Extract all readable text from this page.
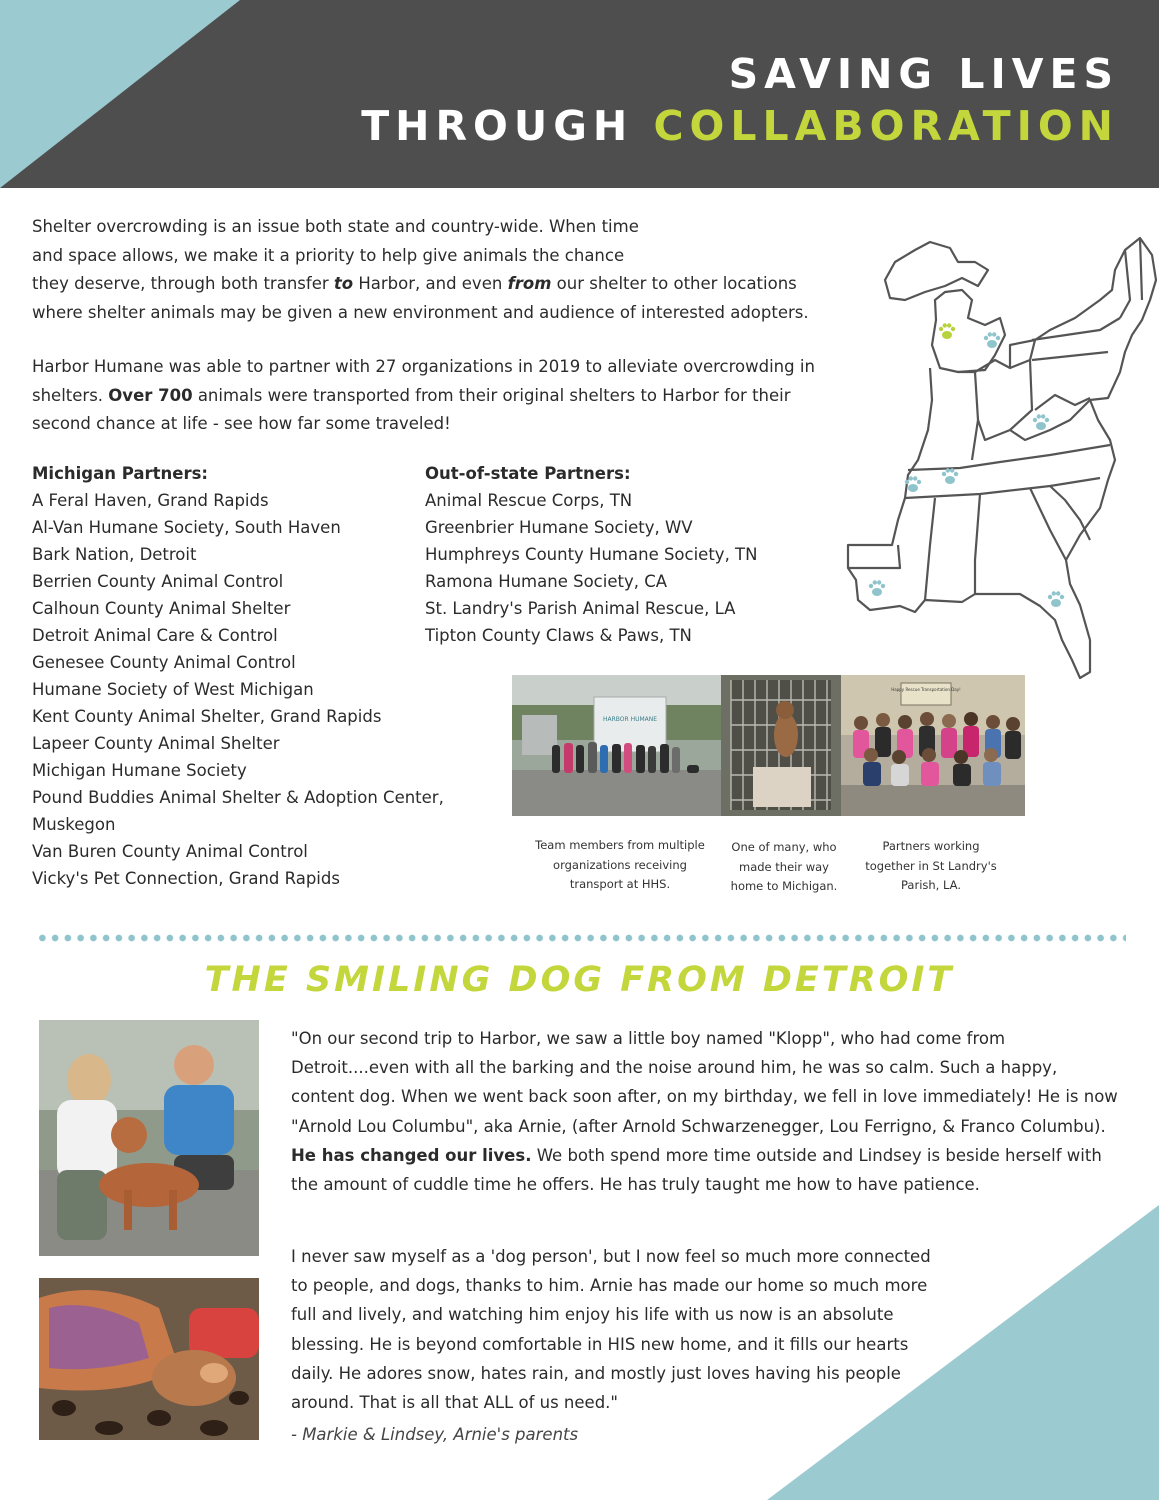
SAVING LIVES
THROUGH COLLABORATION
Shelter overcrowding is an issue both state and country-wide. When time
and space allows, we make it a priority to help give animals the chance
they deserve, through both transfer to Harbor, and even from our shelter to other locations
where shelter animals may be given a new environment and audience of interested adopters.
Harbor Humane was able to partner with 27 organizations in 2019 to alleviate overcrowding in
shelters. Over 700 animals were transported from their original shelters to Harbor for their
second chance at life - see how far some traveled!
Michigan Partners:
A Feral Haven, Grand Rapids
Al-Van Humane Society, South Haven
Bark Nation, Detroit
Berrien County Animal Control
Calhoun County Animal Shelter
Detroit Animal Care & Control
Genesee County Animal Control
Humane Society of West Michigan
Kent County Animal Shelter, Grand Rapids
Lapeer County Animal Shelter
Michigan Humane Society
Pound Buddies Animal Shelter & Adoption Center, Muskegon
Van Buren County Animal Control
Vicky's Pet Connection, Grand Rapids
Out-of-state Partners:
Animal Rescue Corps, TN
Greenbrier Humane Society, WV
Humphreys County Humane Society, TN
Ramona Humane Society, CA
St. Landry's Parish Animal Rescue, LA
Tipton County Claws & Paws, TN
HARBOR HUMANE
Happy Rescue Transportation Day!
Team members from multiple organizations receiving transport at HHS.
One of many, who made their way home to Michigan.
Partners working together in St Landry's Parish, LA.
THE SMILING DOG FROM DETROIT

"On our second trip to Harbor, we saw a little boy named "Klopp", who had come from Detroit....even with all the barking and the noise around him, he was so calm. Such a happy, content dog. When we went back soon after, on my birthday, we fell in love immediately! He is now "Arnold Lou Columbu", aka Arnie, (after Arnold Schwarzenegger, Lou Ferrigno, & Franco Columbu). He has changed our lives. We both spend more time outside and Lindsey is beside herself with the amount of cuddle time he offers. He has truly taught me how to have patience.

I never saw myself as a 'dog person', but I now feel so much more connected to people, and dogs, thanks to him. Arnie has made our home so much more full and lively, and watching him enjoy his life with us now is an absolute blessing. He is beyond comfortable in HIS new home, and it fills our hearts daily. He adores snow, hates rain, and mostly just loves having his people around. That is all that ALL of us need."

- Markie & Lindsey, Arnie's parents
